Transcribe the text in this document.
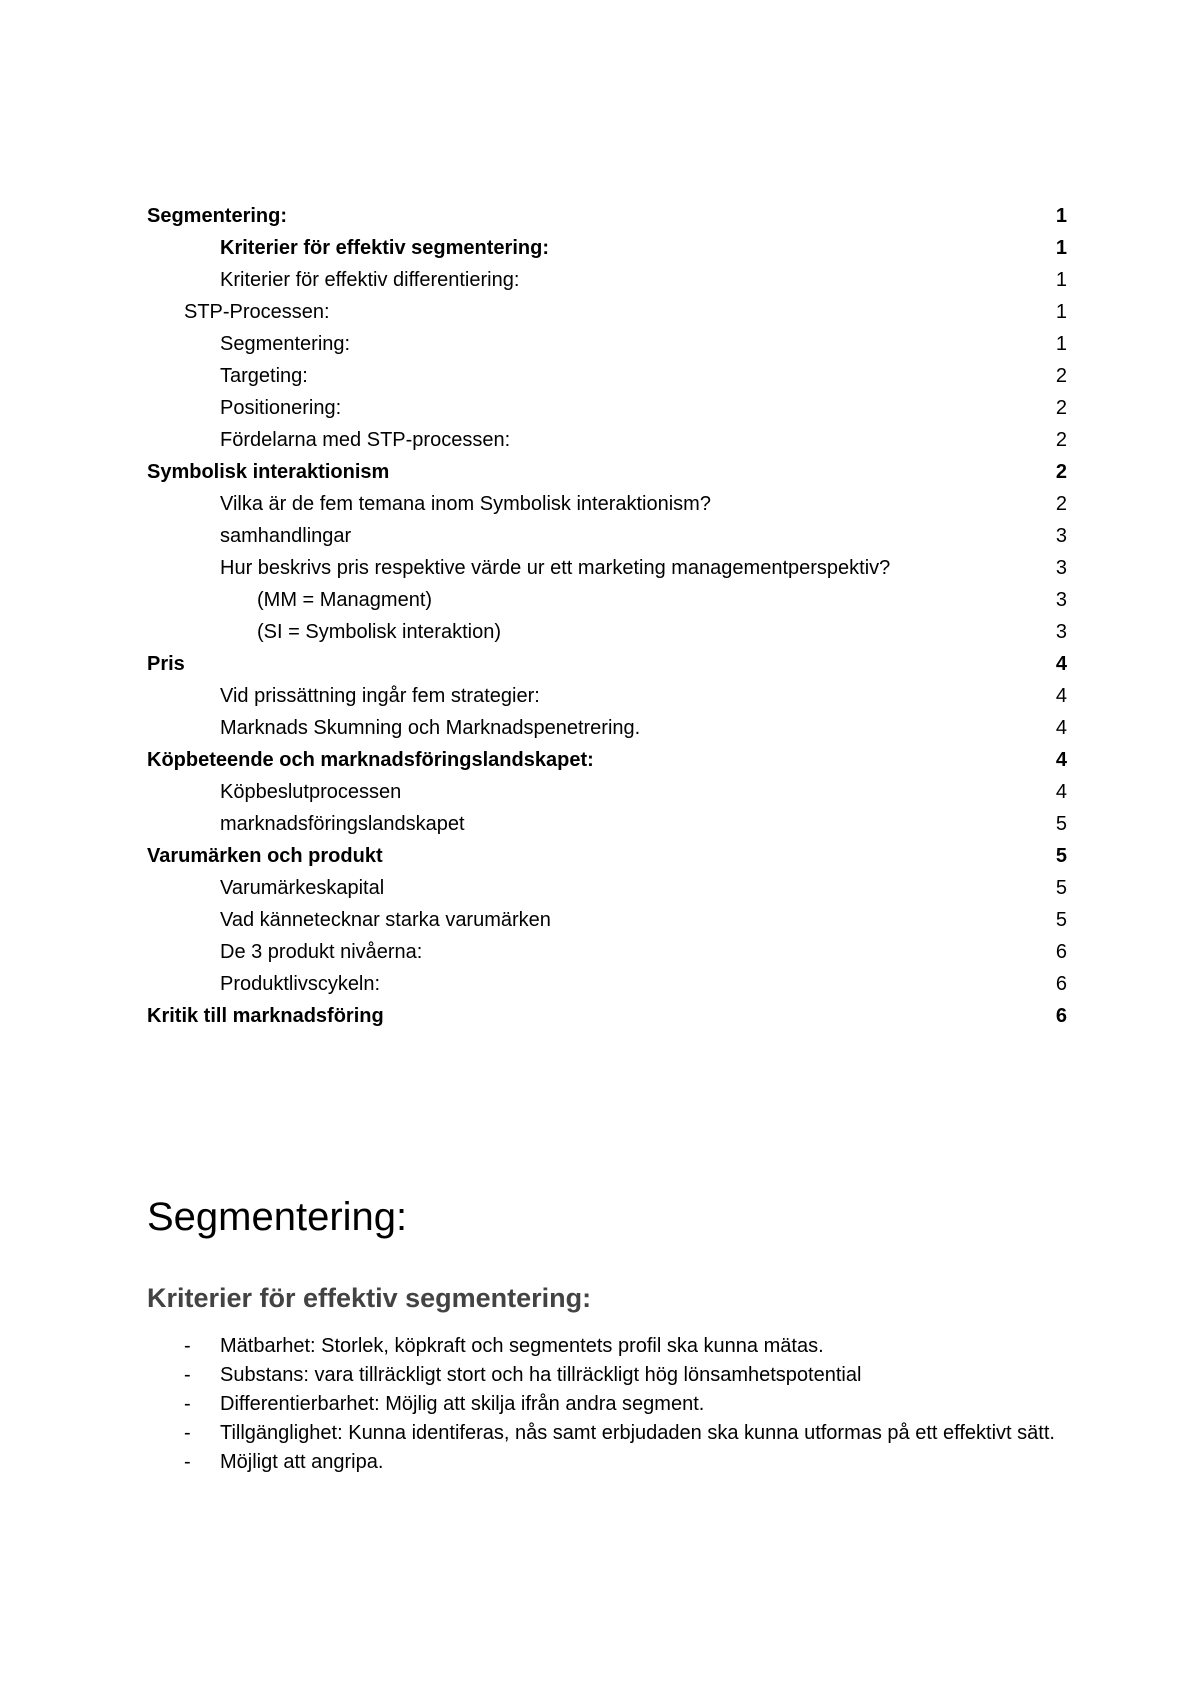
Segmentering:	1
Kriterier för effektiv segmentering:	1
Kriterier för effektiv differentiering:	1
STP-Processen:	1
Segmentering:	1
Targeting:	2
Positionering:	2
Fördelarna med STP-processen:	2
Symbolisk interaktionism	2
Vilka är de fem temana inom Symbolisk interaktionism?	2
samhandlingar	3
Hur beskrivs pris respektive värde ur ett marketing managementperspektiv?	3
(MM = Managment)	3
(SI = Symbolisk interaktion)	3
Pris	4
Vid prissättning ingår fem strategier:	4
Marknads Skumning och Marknadspenetrering.	4
Köpbeteende och marknadsföringslandskapet:	4
Köpbeslutprocessen	4
marknadsföringslandskapet	5
Varumärken och produkt	5
Varumärkeskapital	5
Vad kännetecknar starka varumärken	5
De 3 produkt nivåerna:	6
Produktlivscykeln:	6
Kritik till marknadsföring	6
Segmentering:
Kriterier för effektiv segmentering:
- Mätbarhet: Storlek, köpkraft och segmentets profil ska kunna mätas.
- Substans: vara tillräckligt stort och ha tillräckligt hög lönsamhetspotential
- Differentierbarhet: Möjlig att skilja ifrån andra segment.
- Tillgänglighet: Kunna identiferas, nås samt erbjudaden ska kunna utformas på ett effektivt sätt.
- Möjligt att angripa.
